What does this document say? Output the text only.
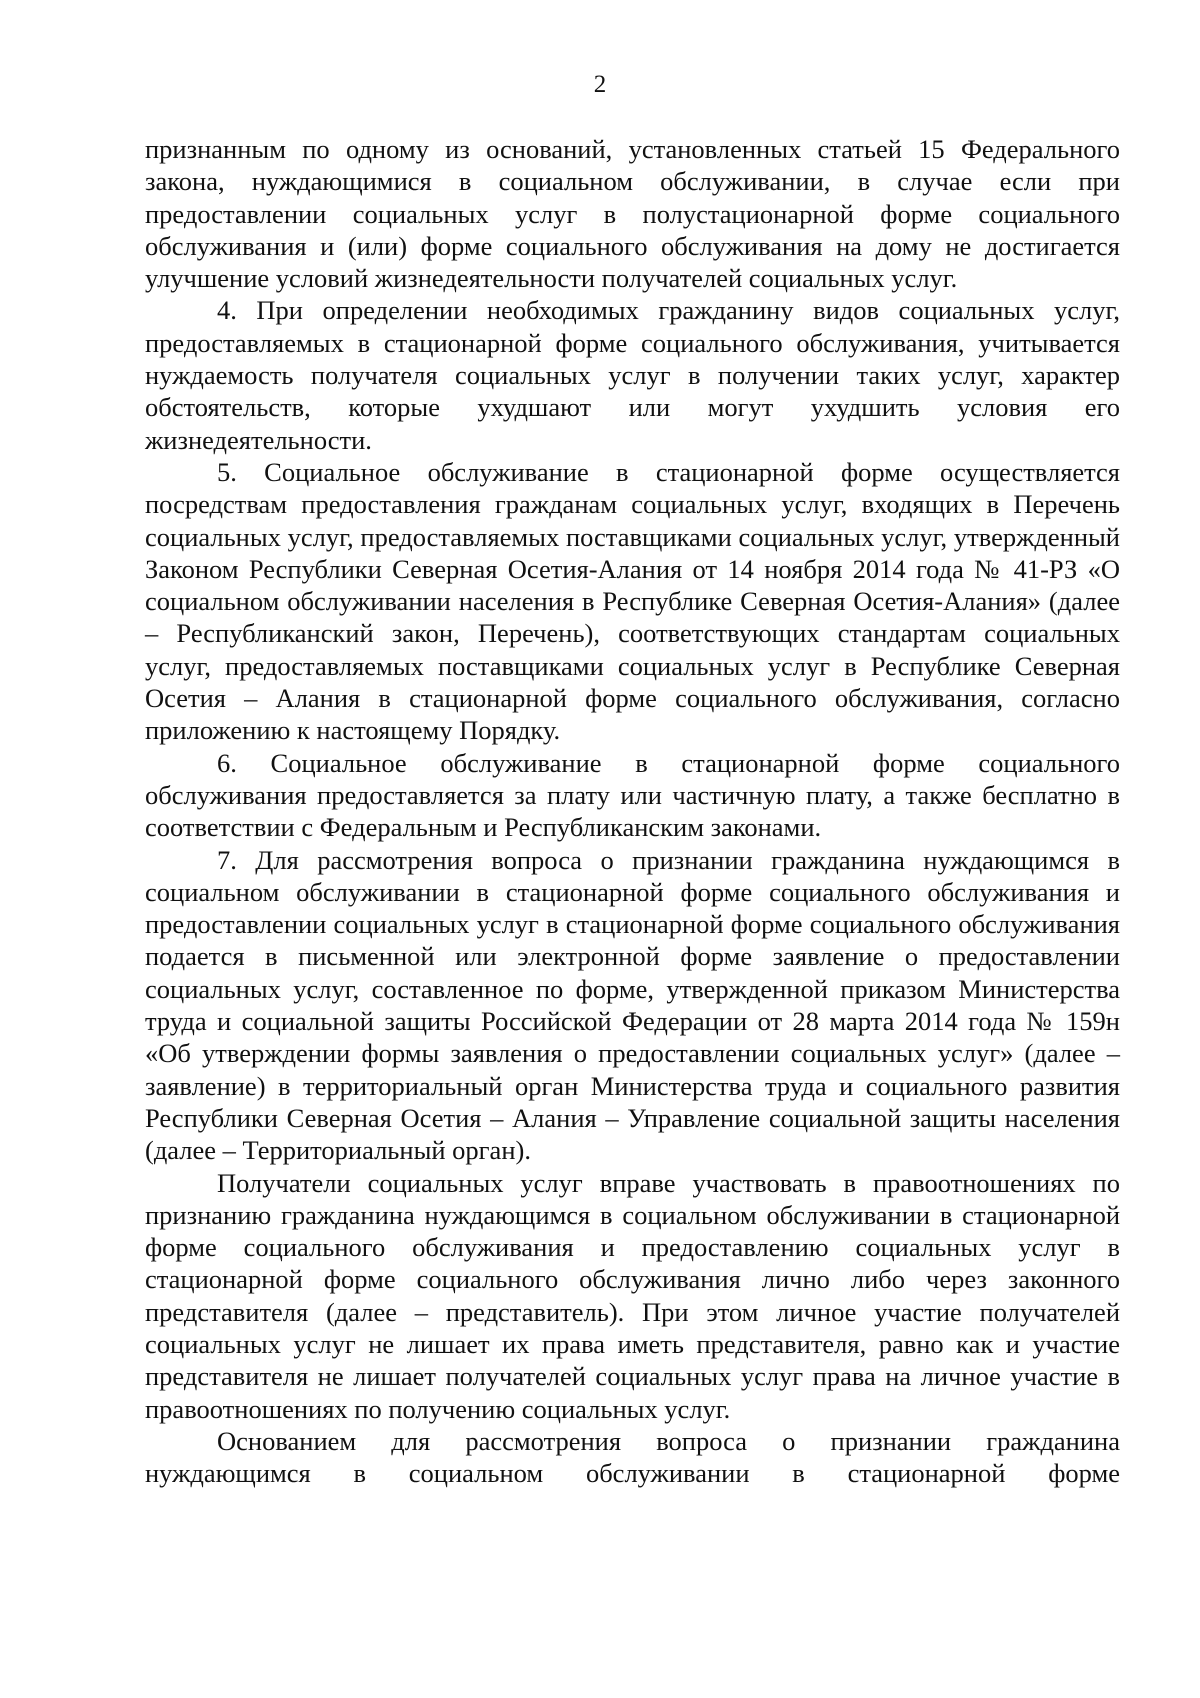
2

признанным по одному из оснований, установленных статьей 15 Федерального закона, нуждающимися в социальном обслуживании, в случае если при предоставлении социальных услуг в полустационарной форме социального обслуживания и (или) форме социального обслуживания на дому не достигается улучшение условий жизнедеятельности получателей социальных услуг.

4. При определении необходимых гражданину видов социальных услуг, предоставляемых в стационарной форме социального обслуживания, учитывается нуждаемость получателя социальных услуг в получении таких услуг, характер обстоятельств, которые ухудшают или могут ухудшить условия его жизнедеятельности.

5. Социальное обслуживание в стационарной форме осуществляется посредствам предоставления гражданам социальных услуг, входящих в Перечень социальных услуг, предоставляемых поставщиками социальных услуг, утвержденный Законом Республики Северная Осетия-Алания от 14 ноября 2014 года № 41-РЗ «О социальном обслуживании населения в Республике Северная Осетия-Алания» (далее – Республиканский закон, Перечень), соответствующих стандартам социальных услуг, предоставляемых поставщиками социальных услуг в Республике Северная Осетия – Алания в стационарной форме социального обслуживания, согласно приложению к настоящему Порядку.

6. Социальное обслуживание в стационарной форме социального обслуживания предоставляется за плату или частичную плату, а также бесплатно в соответствии с Федеральным и Республиканским законами.

7. Для рассмотрения вопроса о признании гражданина нуждающимся в социальном обслуживании в стационарной форме социального обслуживания и предоставлении социальных услуг в стационарной форме социального обслуживания подается в письменной или электронной форме заявление о предоставлении социальных услуг, составленное по форме, утвержденной приказом Министерства труда и социальной защиты Российской Федерации от 28 марта 2014 года № 159н «Об утверждении формы заявления о предоставлении социальных услуг» (далее – заявление) в территориальный орган Министерства труда и социального развития Республики Северная Осетия – Алания – Управление социальной защиты населения (далее – Территориальный орган).

Получатели социальных услуг вправе участвовать в правоотношениях по признанию гражданина нуждающимся в социальном обслуживании в стационарной форме социального обслуживания и предоставлению социальных услуг в стационарной форме социального обслуживания лично либо через законного представителя (далее – представитель). При этом личное участие получателей социальных услуг не лишает их права иметь представителя, равно как и участие представителя не лишает получателей социальных услуг права на личное участие в правоотношениях по получению социальных услуг.

Основанием для рассмотрения вопроса о признании гражданина нуждающимся в социальном обслуживании в стационарной форме
